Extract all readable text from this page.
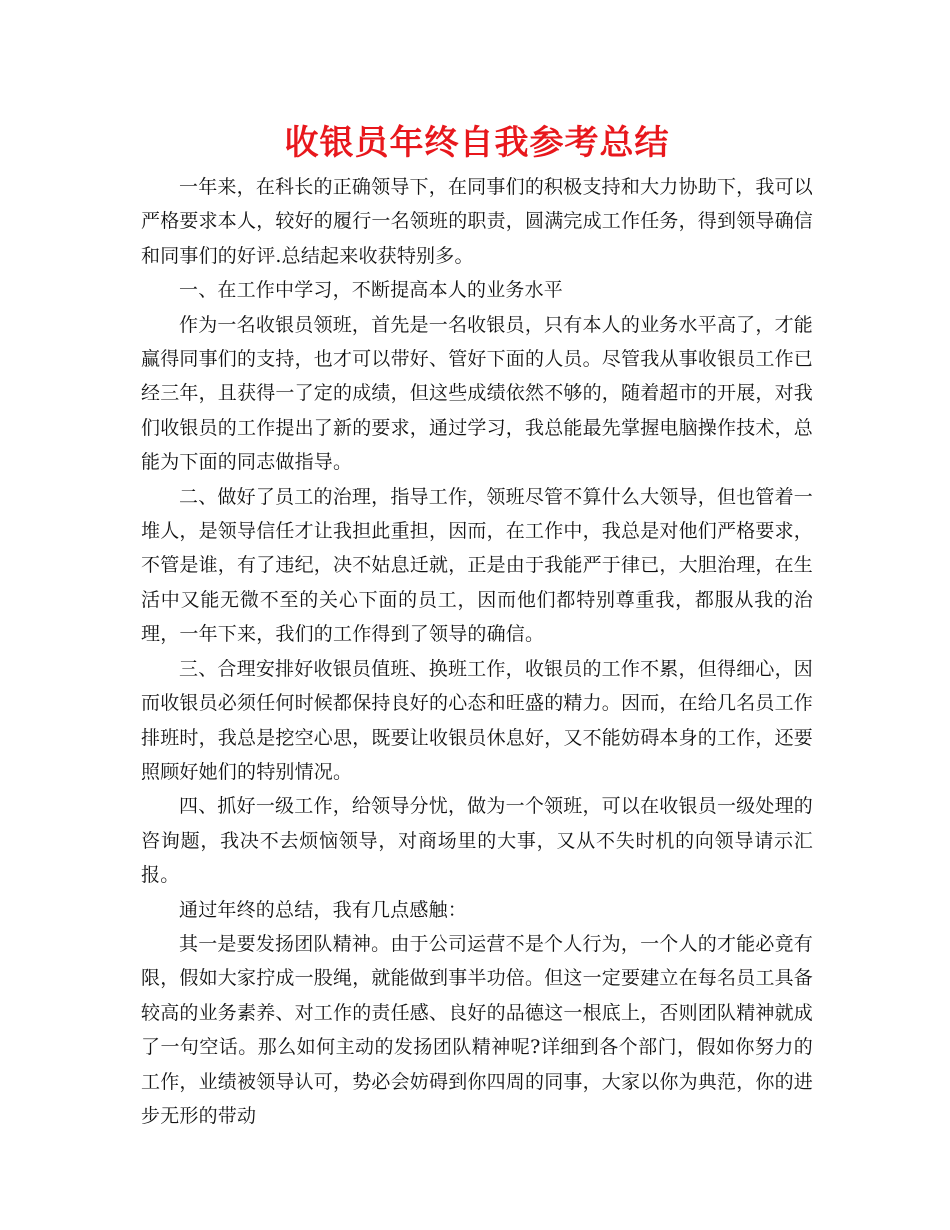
收银员年终自我参考总结

一年来，在科长的正确领导下，在同事们的积极支持和大力协助下，我可以严格要求本人，较好的履行一名领班的职责，圆满完成工作任务，得到领导确信和同事们的好评.总结起来收获特别多。

一、在工作中学习，不断提高本人的业务水平

作为一名收银员领班，首先是一名收银员，只有本人的业务水平高了，才能赢得同事们的支持，也才可以带好、管好下面的人员。尽管我从事收银员工作已经三年，且获得一了定的成绩，但这些成绩依然不够的，随着超市的开展，对我们收银员的工作提出了新的要求，通过学习，我总能最先掌握电脑操作技术，总能为下面的同志做指导。

二、做好了员工的治理，指导工作，领班尽管不算什么大领导，但也管着一堆人，是领导信任才让我担此重担，因而，在工作中，我总是对他们严格要求，不管是谁，有了违纪，决不姑息迁就，正是由于我能严于律已，大胆治理，在生活中又能无微不至的关心下面的员工，因而他们都特别尊重我，都服从我的治理，一年下来，我们的工作得到了领导的确信。

三、合理安排好收银员值班、换班工作，收银员的工作不累，但得细心，因而收银员必须任何时候都保持良好的心态和旺盛的精力。因而，在给几名员工作排班时，我总是挖空心思，既要让收银员休息好，又不能妨碍本身的工作，还要照顾好她们的特别情况。

四、抓好一级工作，给领导分忧，做为一个领班，可以在收银员一级处理的咨询题，我决不去烦恼领导，对商场里的大事，又从不失时机的向领导请示汇报。

通过年终的总结，我有几点感触：

其一是要发扬团队精神。由于公司运营不是个人行为，一个人的才能必竟有限，假如大家拧成一股绳，就能做到事半功倍。但这一定要建立在每名员工具备较高的业务素养、对工作的责任感、良好的品德这一根底上，否则团队精神就成了一句空话。那么如何主动的发扬团队精神呢?详细到各个部门，假如你努力的工作，业绩被领导认可，势必会妨碍到你四周的同事，大家以你为典范，你的进步无形的带动
